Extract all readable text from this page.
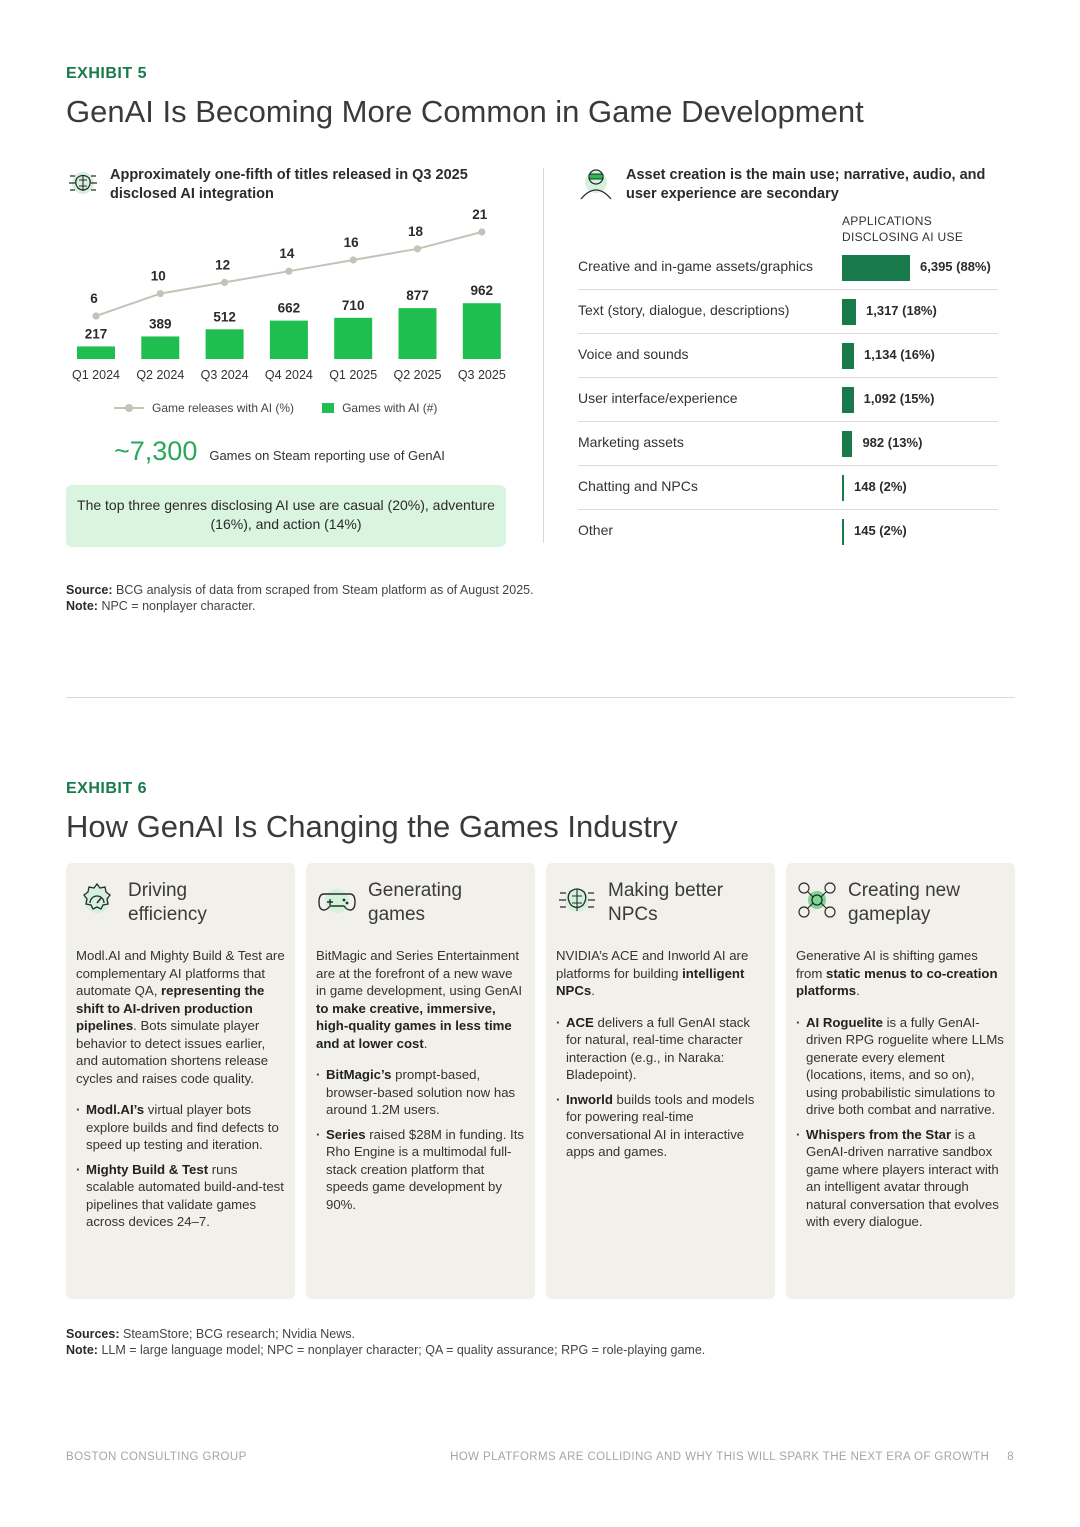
EXHIBIT 5
GenAI Is Becoming More Common in Game Development
Approximately one-fifth of titles released in Q3 2025 disclosed AI integration
217
Q1 2024
389
Q2 2024
512
Q3 2024
662
Q4 2024
710
Q1 2025
877
Q2 2025
962
Q3 2025
6
10
12
14
16
18
21
Game releases with AI (%)	Games with AI (#)
~7,300 Games on Steam reporting use of GenAI
The top three genres disclosing AI use are casual (20%), adventure (16%), and action (14%)
Asset creation is the main use; narrative, audio, and user experience are secondary
APPLICATIONS
DISCLOSING AI USE
Creative and in-game assets/graphics	6,395 (88%)
Text (story, dialogue, descriptions)	1,317 (18%)
Voice and sounds	1,134 (16%)
User interface/experience	1,092 (15%)
Marketing assets	982 (13%)
Chatting and NPCs	148 (2%)
Other	145 (2%)
Source: BCG analysis of data from scraped from Steam platform as of August 2025.
Note: NPC = nonplayer character.
EXHIBIT 6
How GenAI Is Changing the Games Industry
Driving
efficiency

Modl.AI and Mighty Build & Test are complementary AI platforms that automate QA, representing the shift to AI-driven production pipelines. Bots simulate player behavior to detect issues earlier, and automation shortens release cycles and raises code quality.

· Modl.AI’s virtual player bots explore builds and find defects to speed up testing and iteration.
· Mighty Build & Test runs scalable automated build-and-test pipelines that validate games across devices 24–7.
Generating
games

BitMagic and Series Entertainment are at the forefront of a new wave in game development, using GenAI to make creative, immersive, high-quality games in less time and at lower cost.

· BitMagic’s prompt-based, browser-based solution now has around 1.2M users.
· Series raised $28M in funding. Its Rho Engine is a multimodal full-stack creation platform that speeds game development by 90%.
Making better
NPCs

NVIDIA’s ACE and Inworld AI are platforms for building intelligent NPCs.

· ACE delivers a full GenAI stack for natural, real-time character interaction (e.g., in Naraka: Bladepoint).
· Inworld builds tools and models for powering real-time conversational AI in interactive apps and games.
Creating new
gameplay

Generative AI is shifting games from static menus to co-creation platforms.

· AI Roguelite is a fully GenAI-driven RPG roguelite where LLMs generate every element (locations, items, and so on), using probabilistic simulations to drive both combat and narrative.
· Whispers from the Star is a GenAI-driven narrative sandbox game where players interact with an intelligent avatar through natural conversation that evolves with every dialogue.
Sources: SteamStore; BCG research; Nvidia News.
Note: LLM = large language model; NPC = nonplayer character; QA = quality assurance; RPG = role-playing game.
BOSTON CONSULTING GROUP	HOW PLATFORMS ARE COLLIDING AND WHY THIS WILL SPARK THE NEXT ERA OF GROWTH 8
